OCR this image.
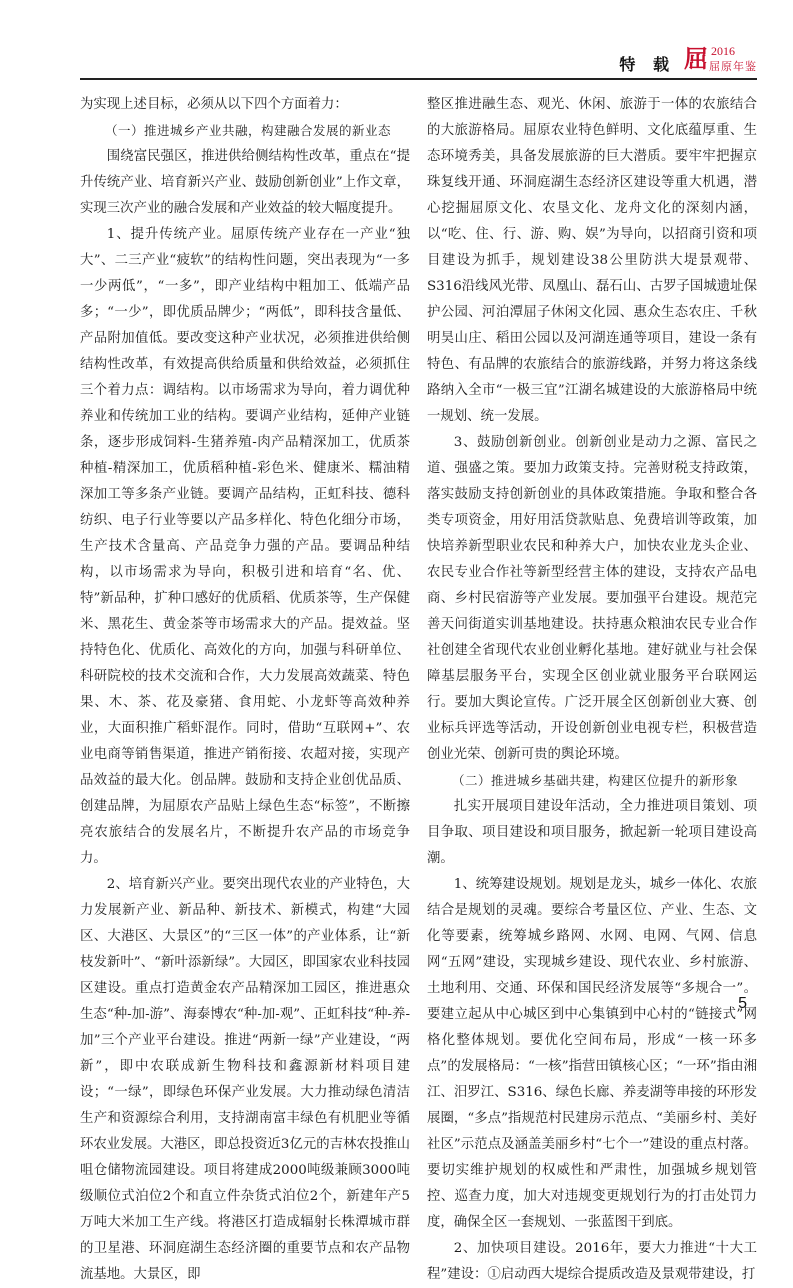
特 载 屈 2016
屈原年鉴

为实现上述目标，必须从以下四个方面着力：

（一）推进城乡产业共融，构建融合发展的新业态

围绕富民强区，推进供给侧结构性改革，重点在“提升传统产业、培育新兴产业、鼓励创新创业”上作文章，实现三次产业的融合发展和产业效益的较大幅度提升。

1、提升传统产业。屈原传统产业存在一产业“独大”、二三产业“疲软”的结构性问题，突出表现为“一多一少两低”，“一多”，即产业结构中粗加工、低端产品多；“一少”，即优质品牌少；“两低”，即科技含量低、产品附加值低。要改变这种产业状况，必须推进供给侧结构性改革，有效提高供给质量和供给效益，必须抓住三个着力点：调结构。以市场需求为导向，着力调优种养业和传统加工业的结构。要调产业结构，延伸产业链条，逐步形成饲料-生猪养殖-肉产品精深加工，优质茶种植-精深加工，优质稻种植-彩色米、健康米、糯油精深加工等多条产业链。要调产品结构，正虹科技、德科纺织、电子行业等要以产品多样化、特色化细分市场，生产技术含量高、产品竞争力强的产品。要调品种结构，以市场需求为导向，积极引进和培育“名、优、特”新品种，扩种口感好的优质稻、优质茶等，生产保健米、黑花生、黄金茶等市场需求大的产品。提效益。坚持特色化、优质化、高效化的方向，加强与科研单位、科研院校的技术交流和合作，大力发展高效蔬菜、特色果、木、茶、花及豪猪、食用蛇、小龙虾等高效种养业，大面积推广稻虾混作。同时，借助“互联网+”、农业电商等销售渠道，推进产销衔接、农超对接，实现产品效益的最大化。创品牌。鼓励和支持企业创优品质、创建品牌，为屈原农产品贴上绿色生态“标签”，不断擦亮农旅结合的发展名片，不断提升农产品的市场竞争力。

2、培育新兴产业。要突出现代农业的产业特色，大力发展新产业、新品种、新技术、新模式，构建“大园区、大港区、大景区”的“三区一体”的产业体系，让“新枝发新叶”、“新叶添新绿”。大园区，即国家农业科技园区建设。重点打造黄金农产品精深加工园区，推进惠众生态“种-加-游”、海泰博农“种-加-观”、正虹科技“种-养-加”三个产业平台建设。推进“两新一绿”产业建设，“两新”，即中农联成新生物科技和鑫源新材料项目建设；“一绿”，即绿色环保产业发展。大力推动绿色清洁生产和资源综合利用，支持湖南富丰绿色有机肥业等循环农业发展。大港区，即总投资近3亿元的吉林农投推山咀仓储物流园建设。项目将建成2000吨级兼顾3000吨级顺位式泊位2个和直立件杂货式泊位2个，新建年产5万吨大米加工生产线。将港区打造成辐射长株潭城市群的卫星港、环洞庭湖生态经济圈的重要节点和农产品物流基地。大景区，即

整区推进融生态、观光、休闲、旅游于一体的农旅结合的大旅游格局。屈原农业特色鲜明、文化底蕴厚重、生态环境秀美，具备发展旅游的巨大潜质。要牢牢把握京珠复线开通、环洞庭湖生态经济区建设等重大机遇，潜心挖掘屈原文化、农垦文化、龙舟文化的深刻内涵，以“吃、住、行、游、购、娱”为导向，以招商引资和项目建设为抓手，规划建设38公里防洪大堤景观带、S316沿线风光带、凤凰山、磊石山、古罗子国城遗址保护公园、河泊潭屈子休闲文化园、惠众生态农庄、千秋明昊山庄、稻田公园以及河湖连通等项目，建设一条有特色、有品牌的农旅结合的旅游线路，并努力将这条线路纳入全市“一极三宜”江湖名城建设的大旅游格局中统一规划、统一发展。

3、鼓励创新创业。创新创业是动力之源、富民之道、强盛之策。要加力政策支持。完善财税支持政策，落实鼓励支持创新创业的具体政策措施。争取和整合各类专项资金，用好用活贷款贴息、免费培训等政策，加快培养新型职业农民和种养大户，加快农业龙头企业、农民专业合作社等新型经营主体的建设，支持农产品电商、乡村民宿游等产业发展。要加强平台建设。规范完善天问街道实训基地建设。扶持惠众粮油农民专业合作社创建全省现代农业创业孵化基地。建好就业与社会保障基层服务平台，实现全区创业就业服务平台联网运行。要加大舆论宣传。广泛开展全区创新创业大赛、创业标兵评选等活动，开设创新创业电视专栏，积极营造创业光荣、创新可贵的舆论环境。

（二）推进城乡基础共建，构建区位提升的新形象

扎实开展项目建设年活动，全力推进项目策划、项目争取、项目建设和项目服务，掀起新一轮项目建设高潮。

1、统筹建设规划。规划是龙头，城乡一体化、农旅结合是规划的灵魂。要综合考量区位、产业、生态、文化等要素，统筹城乡路网、水网、电网、气网、信息网“五网”建设，实现城乡建设、现代农业、乡村旅游、土地利用、交通、环保和国民经济发展等“多规合一”。要建立起从中心城区到中心集镇到中心村的“链接式”网格化整体规划。要优化空间布局，形成“一核一环多点”的发展格局：“一核”指营田镇核心区；“一环”指由湘江、汨罗江、S316、绿色长廊、养麦湖等串接的环形发展圈，“多点”指规范村民建房示范点、“美丽乡村、美好社区”示范点及涵盖美丽乡村“七个一”建设的重点村落。要切实维护规划的权威性和严肃性，加强城乡规划管控、巡查力度，加大对违规变更规划行为的打击处罚力度，确保全区一套规划、一张蓝图干到底。

2、加快项目建设。2016年，要大力推进“十大工程”建设：①启动西大堤综合提质改造及景观带建设，打

5
